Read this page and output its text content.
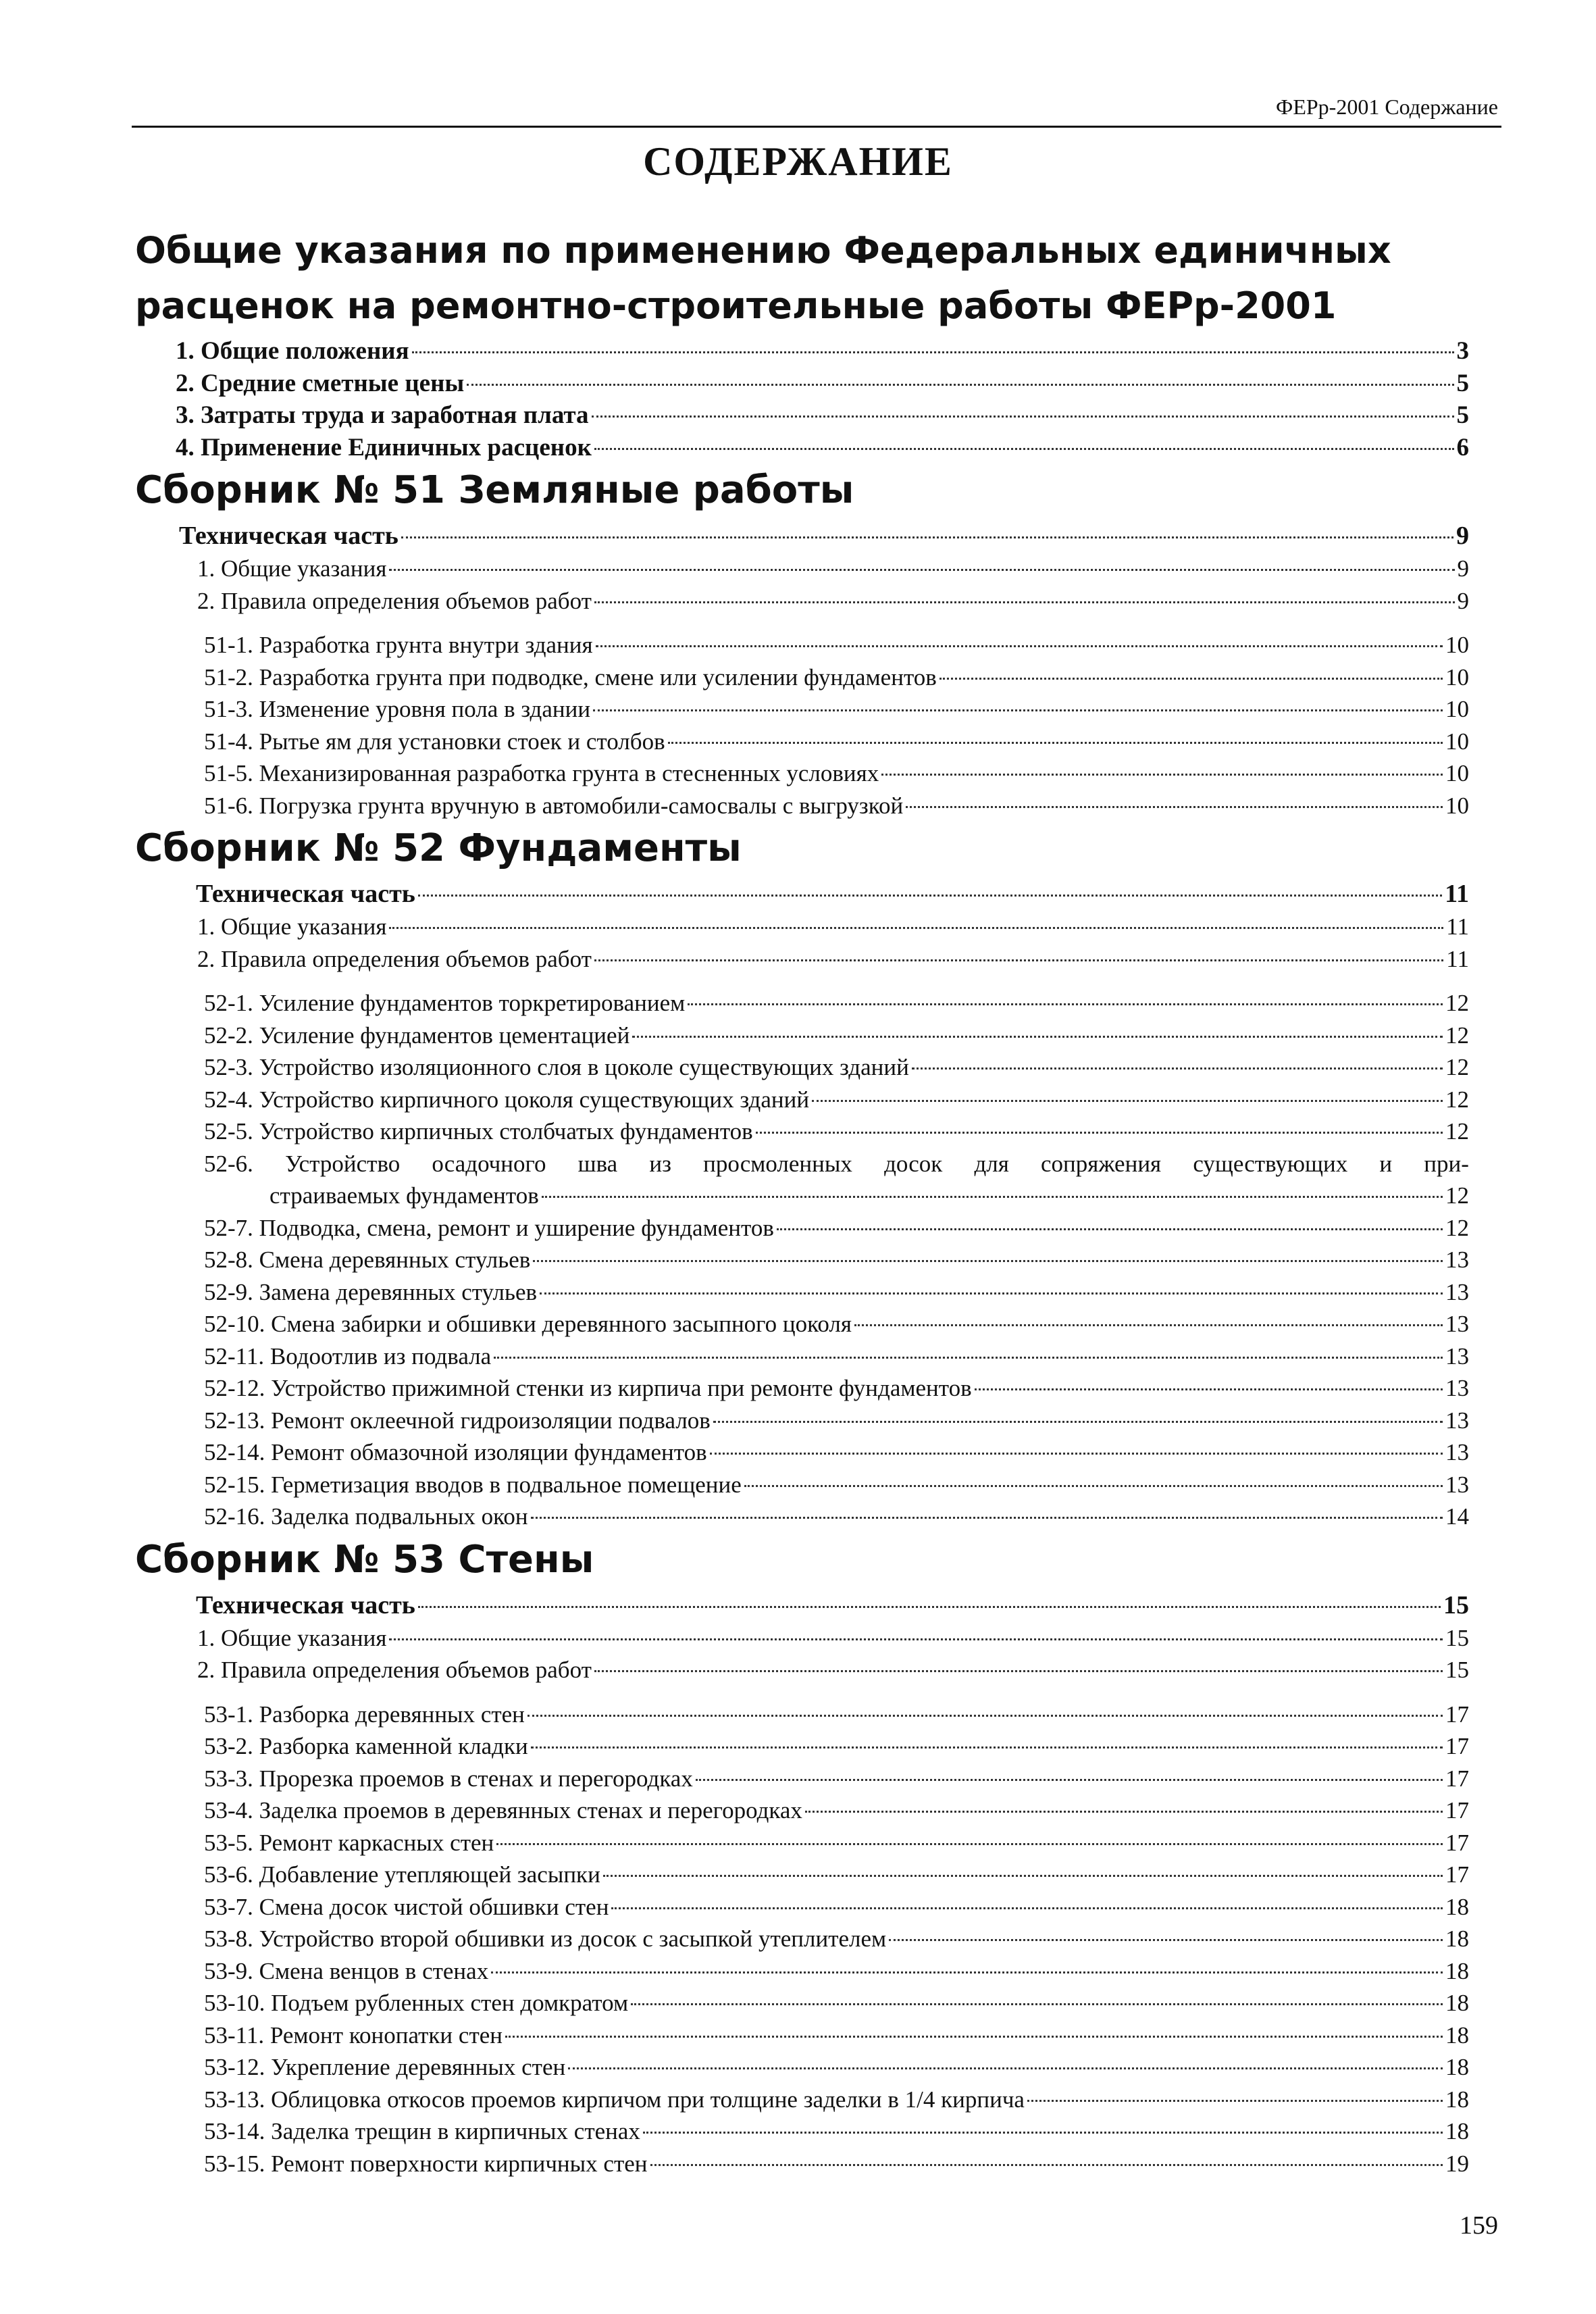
ФЕРр-2001 Содержание
СОДЕРЖАНИЕ
Общие указания по применению Федеральных единичных
расценок на ремонтно-строительные работы ФЕРр-2001
1. Общие положения	3
2. Средние сметные цены	5
3. Затраты труда и заработная плата	5
4. Применение Единичных расценок	6
Сборник № 51 Земляные работы
Техническая часть	9
1. Общие указания	9
2. Правила определения объемов работ	9
51-1. Разработка грунта внутри здания	10
51-2. Разработка грунта при подводке, смене или усилении фундаментов	10
51-3. Изменение уровня пола в здании	10
51-4. Рытье ям для установки стоек и столбов	10
51-5. Механизированная разработка грунта в стесненных условиях	10
51-6. Погрузка грунта вручную в автомобили-самосвалы с выгрузкой	10
Сборник № 52 Фундаменты
Техническая часть	11
1. Общие указания	11
2. Правила определения объемов работ	11
52-1. Усиление фундаментов торкретированием	12
52-2. Усиление фундаментов цементацией	12
52-3. Устройство изоляционного слоя в цоколе существующих зданий	12
52-4. Устройство кирпичного цоколя существующих зданий	12
52-5. Устройство кирпичных столбчатых фундаментов	12
52-6. Устройство осадочного шва из просмоленных досок для сопряжения существующих и при-
страиваемых фундаментов	12
52-7. Подводка, смена, ремонт и уширение фундаментов	12
52-8. Смена деревянных стульев	13
52-9. Замена деревянных стульев	13
52-10. Смена забирки и обшивки деревянного засыпного цоколя	13
52-11. Водоотлив из подвала	13
52-12. Устройство прижимной стенки из кирпича при ремонте фундаментов	13
52-13. Ремонт оклеечной гидроизоляции подвалов	13
52-14. Ремонт обмазочной изоляции фундаментов	13
52-15. Герметизация вводов в подвальное помещение	13
52-16. Заделка подвальных окон	14
Сборник № 53 Стены
Техническая часть	15
1. Общие указания	15
2. Правила определения объемов работ	15
53-1. Разборка деревянных стен	17
53-2. Разборка каменной кладки	17
53-3. Прорезка проемов в стенах и перегородках	17
53-4. Заделка проемов в деревянных стенах и перегородках	17
53-5. Ремонт каркасных стен	17
53-6. Добавление утепляющей засыпки	17
53-7. Смена досок чистой обшивки стен	18
53-8. Устройство второй обшивки из досок с засыпкой утеплителем	18
53-9. Смена венцов в стенах	18
53-10. Подъем рубленных стен домкратом	18
53-11. Ремонт конопатки стен	18
53-12. Укрепление деревянных стен	18
53-13. Облицовка откосов проемов кирпичом при толщине заделки в 1/4 кирпича	18
53-14. Заделка трещин в кирпичных стенах	18
53-15. Ремонт поверхности кирпичных стен	19
159
